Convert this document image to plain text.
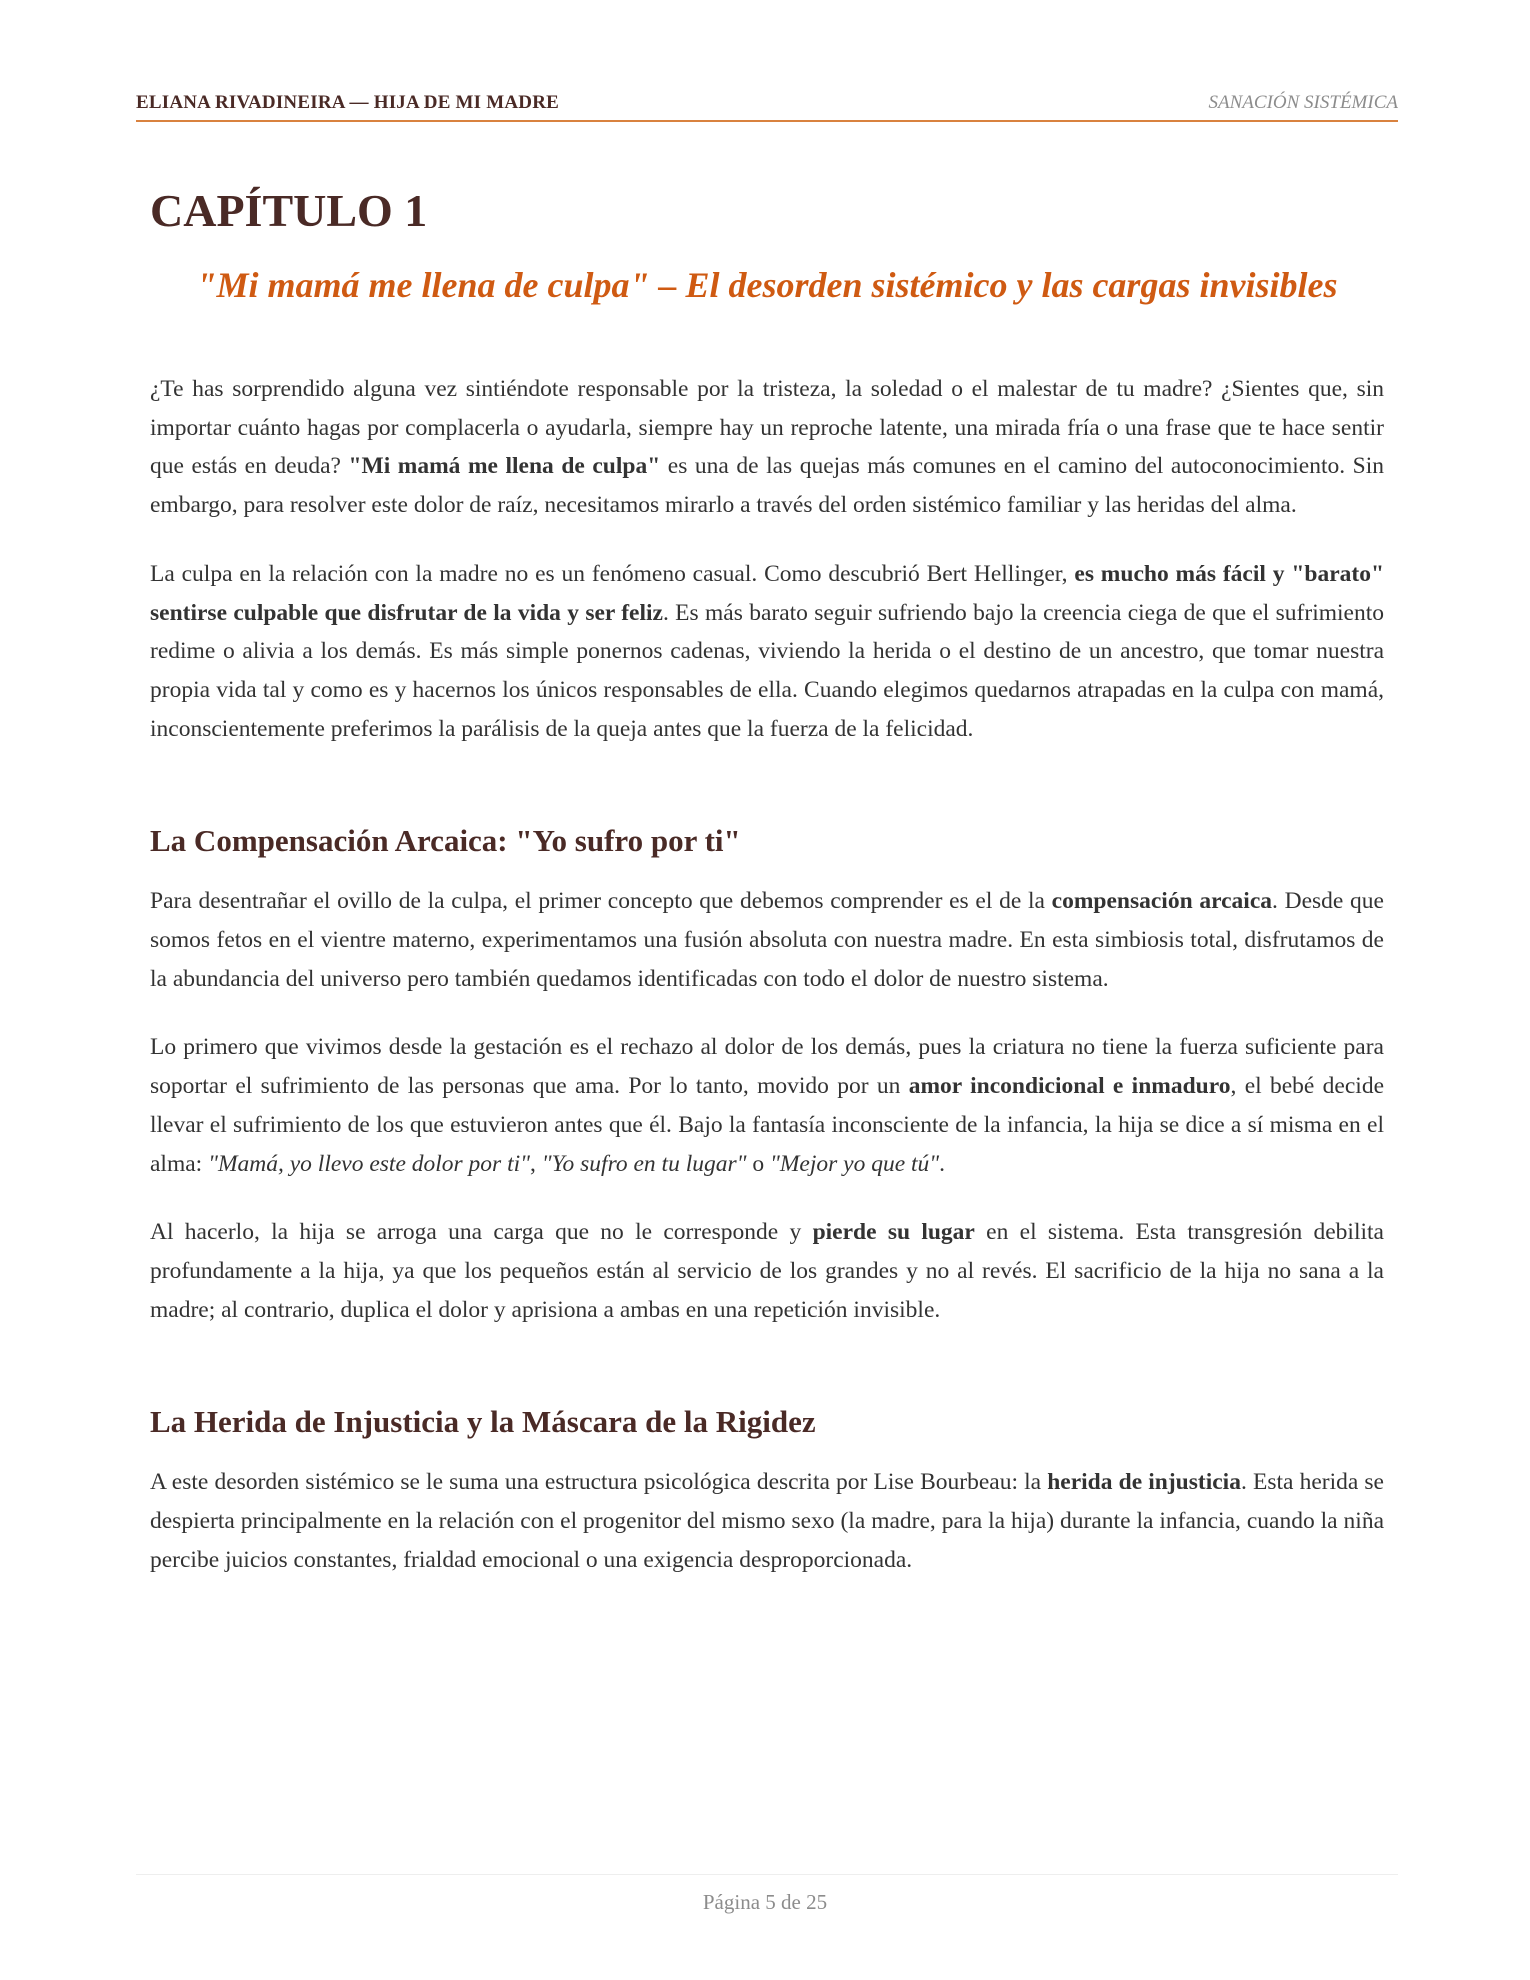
ELIANA RIVADINEIRA — HIJA DE MI MADRE	SANACIÓN SISTÉMICA
CAPÍTULO 1
"Mi mamá me llena de culpa" – El desorden sistémico y las cargas invisibles

¿Te has sorprendido alguna vez sintiéndote responsable por la tristeza, la soledad o el malestar de tu madre? ¿Sientes que, sin importar cuánto hagas por complacerla o ayudarla, siempre hay un reproche latente, una mirada fría o una frase que te hace sentir que estás en deuda? "Mi mamá me llena de culpa" es una de las quejas más comunes en el camino del autoconocimiento. Sin embargo, para resolver este dolor de raíz, necesitamos mirarlo a través del orden sistémico familiar y las heridas del alma.

La culpa en la relación con la madre no es un fenómeno casual. Como descubrió Bert Hellinger, es mucho más fácil y "barato" sentirse culpable que disfrutar de la vida y ser feliz. Es más barato seguir sufriendo bajo la creencia ciega de que el sufrimiento redime o alivia a los demás. Es más simple ponernos cadenas, viviendo la herida o el destino de un ancestro, que tomar nuestra propia vida tal y como es y hacernos los únicos responsables de ella. Cuando elegimos quedarnos atrapadas en la culpa con mamá, inconscientemente preferimos la parálisis de la queja antes que la fuerza de la felicidad.

La Compensación Arcaica: "Yo sufro por ti"

Para desentrañar el ovillo de la culpa, el primer concepto que debemos comprender es el de la compensación arcaica. Desde que somos fetos en el vientre materno, experimentamos una fusión absoluta con nuestra madre. En esta simbiosis total, disfrutamos de la abundancia del universo pero también quedamos identificadas con todo el dolor de nuestro sistema.

Lo primero que vivimos desde la gestación es el rechazo al dolor de los demás, pues la criatura no tiene la fuerza suficiente para soportar el sufrimiento de las personas que ama. Por lo tanto, movido por un amor incondicional e inmaduro, el bebé decide llevar el sufrimiento de los que estuvieron antes que él. Bajo la fantasía inconsciente de la infancia, la hija se dice a sí misma en el alma: "Mamá, yo llevo este dolor por ti", "Yo sufro en tu lugar" o "Mejor yo que tú".

Al hacerlo, la hija se arroga una carga que no le corresponde y pierde su lugar en el sistema. Esta transgresión debilita profundamente a la hija, ya que los pequeños están al servicio de los grandes y no al revés. El sacrificio de la hija no sana a la madre; al contrario, duplica el dolor y aprisiona a ambas en una repetición invisible.

La Herida de Injusticia y la Máscara de la Rigidez

A este desorden sistémico se le suma una estructura psicológica descrita por Lise Bourbeau: la herida de injusticia. Esta herida se despierta principalmente en la relación con el progenitor del mismo sexo (la madre, para la hija) durante la infancia, cuando la niña percibe juicios constantes, frialdad emocional o una exigencia desproporcionada.

Página 5 de 25
